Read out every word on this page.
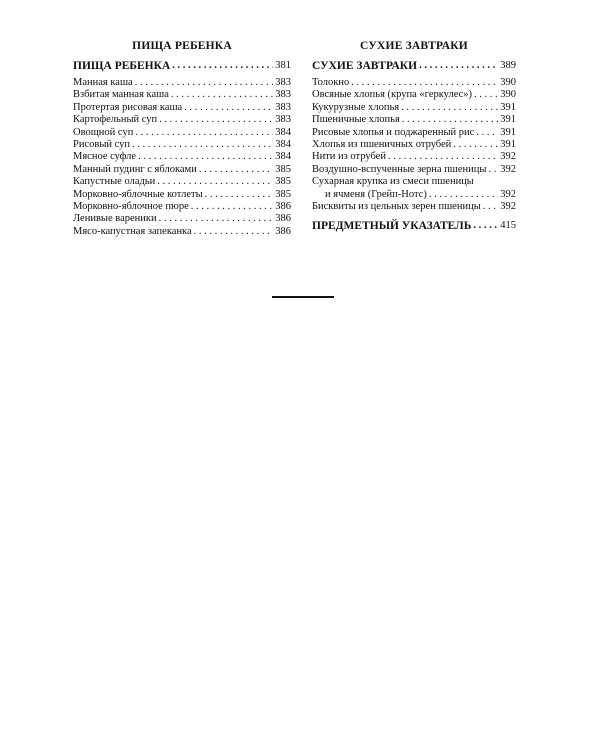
ПИЩА РЕБЕНКА
ПИЩА РЕБЕНКА . . .	381
Манная каша . . .	383
Взбитая манная каша . . .	383
Протертая рисовая каша . . .	383
Картофельный суп . . .	383
Овощной суп . . .	384
Рисовый суп . . .	384
Мясное суфле . . .	384
Манный пудинг с яблоками . . .	385
Капустные оладьи . . .	385
Морковно-яблочные котлеты . . .	385
Морковно-яблочное пюре . . .	386
Ленивые вареники . . .	386
Мясо-капустная запеканка . . .	386
СУХИЕ ЗАВТРАКИ
СУХИЕ ЗАВТРАКИ . . .	389
Толокно . . .	390
Овсяные хлопья (крупа «геркулес») . . .	390
Кукурузные хлопья . . .	391
Пшеничные хлопья . . .	391
Рисовые хлопья и поджаренный рис . . . 391
Хлопья из пшеничных отрубей . . .	391
Нити из отрубей . . .	392
Воздушно-вспученные зерна пшеницы . . . 392
Сухарная крупка из смеси пшеницы
и ячменя (Грейп-Нотс) . . .	392
Бисквиты из цельных зерен пшеницы . . . 392
ПРЕДМЕТНЫЙ УКАЗАТЕЛЬ . . .	415
